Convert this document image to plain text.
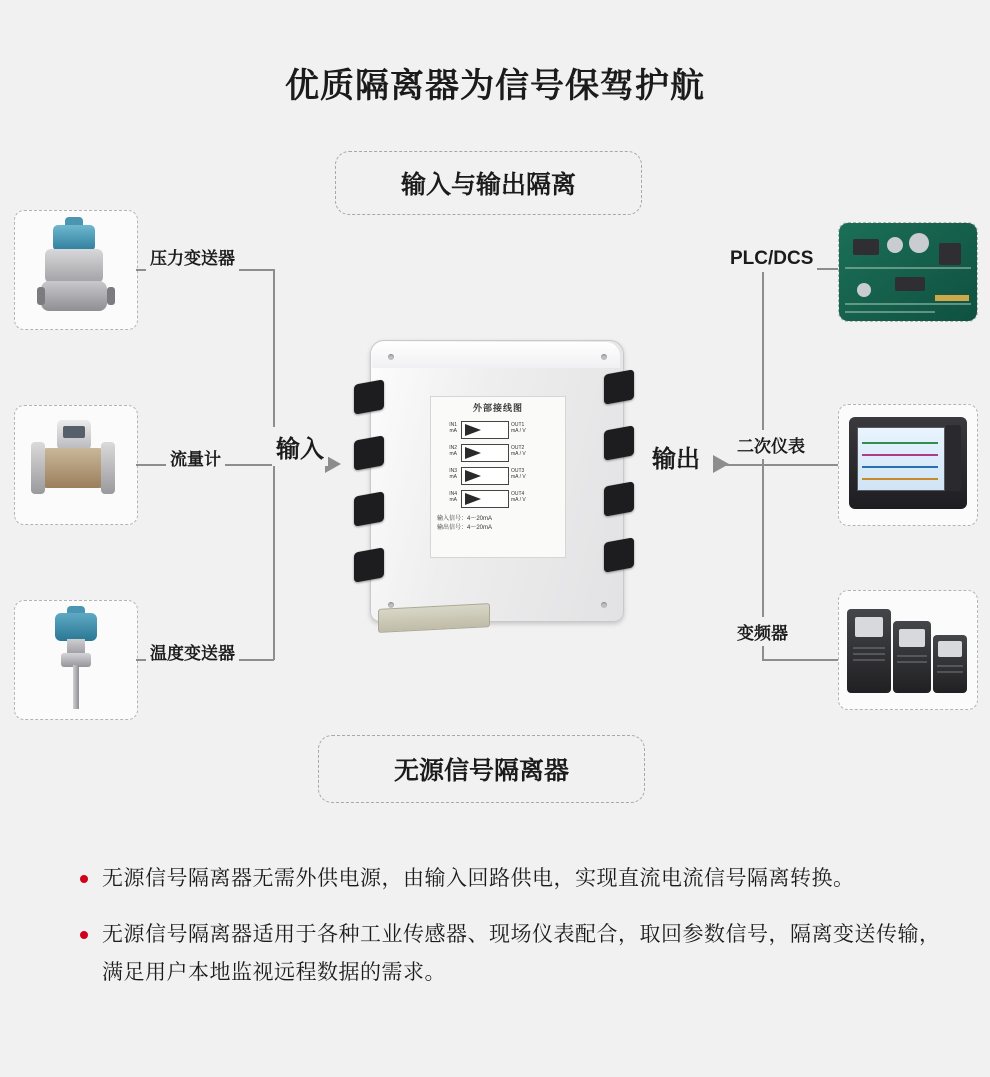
优质隔离器为信号保驾护航
输入与输出隔离
无源信号隔离器
压力变送器
流量计
温度变送器
输入
外部接线图
IN1
mA
OUT1
mA / V
IN2
mA
OUT2
mA / V
IN3
mA
OUT3
mA / V
IN4
mA
OUT4
mA / V
输入信号：4～20mA
输出信号：4～20mA
输出
PLC/DCS
二次仪表
变频器
无源信号隔离器无需外供电源，由输入回路供电，实现直流电流信号隔离转换。
无源信号隔离器适用于各种工业传感器、现场仪表配合，取回参数信号，隔离变送传输，满足用户本地监视远程数据的需求。
